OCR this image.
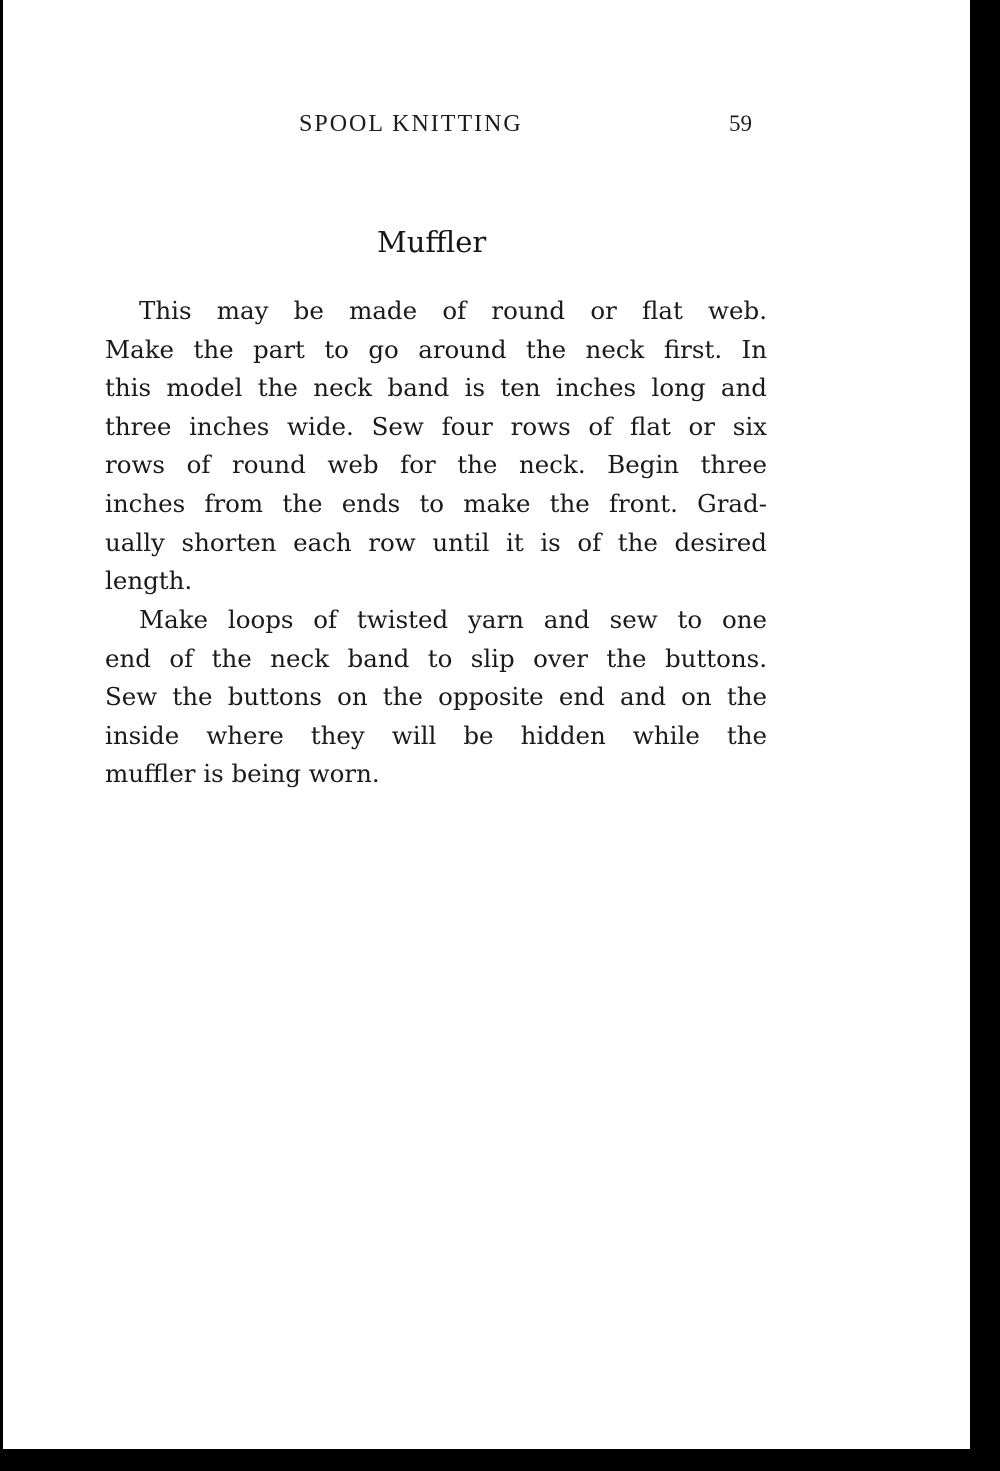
SPOOL KNITTING	59
Muffler
This may be made of round or flat web.
Make the part to go around the neck first. In
this model the neck band is ten inches long and
three inches wide. Sew four rows of flat or six
rows of round web for the neck. Begin three
inches from the ends to make the front. Grad-
ually shorten each row until it is of the desired
length.
Make loops of twisted yarn and sew to one
end of the neck band to slip over the buttons.
Sew the buttons on the opposite end and on the
inside where they will be hidden while the
muffler is being worn.
